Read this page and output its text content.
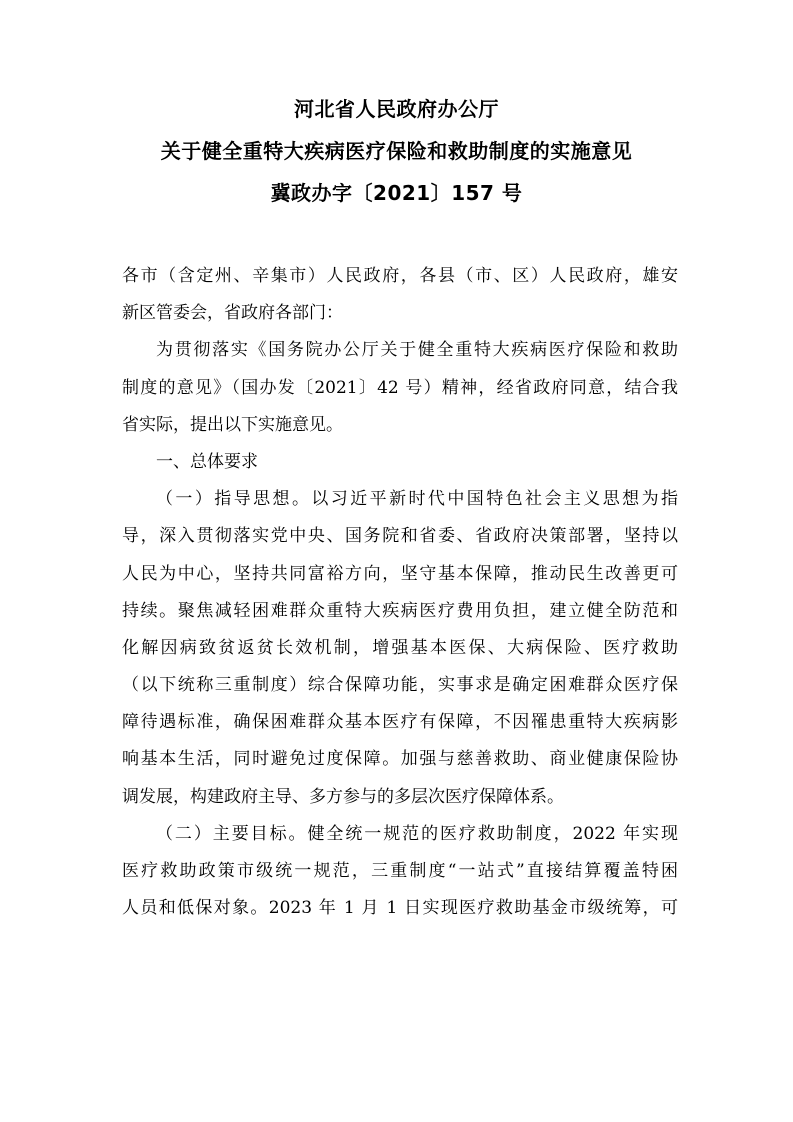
河北省人民政府办公厅
关于健全重特大疾病医疗保险和救助制度的实施意见
冀政办字〔2021〕157 号
各市（含定州、辛集市）人民政府，各县（市、区）人民政府，雄安
新区管委会，省政府各部门：
为贯彻落实《国务院办公厅关于健全重特大疾病医疗保险和救助
制度的意见》（国办发〔2021〕42 号）精神，经省政府同意，结合我
省实际，提出以下实施意见。
一、总体要求
（一）指导思想。以习近平新时代中国特色社会主义思想为指
导，深入贯彻落实党中央、国务院和省委、省政府决策部署，坚持以
人民为中心，坚持共同富裕方向，坚守基本保障，推动民生改善更可
持续。聚焦减轻困难群众重特大疾病医疗费用负担，建立健全防范和
化解因病致贫返贫长效机制，增强基本医保、大病保险、医疗救助
（以下统称三重制度）综合保障功能，实事求是确定困难群众医疗保
障待遇标准，确保困难群众基本医疗有保障，不因罹患重特大疾病影
响基本生活，同时避免过度保障。加强与慈善救助、商业健康保险协
调发展，构建政府主导、多方参与的多层次医疗保障体系。
（二）主要目标。健全统一规范的医疗救助制度，2022 年实现
医疗救助政策市级统一规范，三重制度“一站式”直接结算覆盖特困
人员和低保对象。2023 年 1 月 1 日实现医疗救助基金市级统筹，可
